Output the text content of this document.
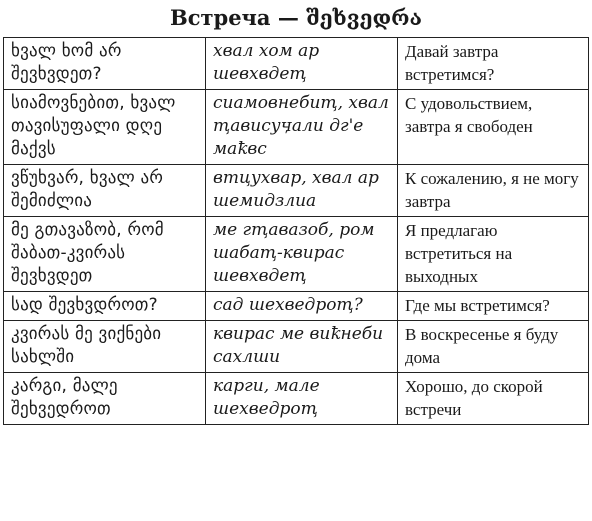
Встреча — შეხვედრა
ხვალ ხომ არ შევხვდეთ?	хвал хом ар шевхвдеҭ	Давай завтра встретимся?
სიამოვნებით, ხვალ თავისუფალი დღე მაქვს	сиамовнебиҭ, хвал ҭависуӌали дг'е маҟвс	С удовольствием, завтра я свободен
ვწუხვარ, ხვალ არ შემიძლია	втцухвар, хвал ар шемидзлиа	К сожалению, я не могу завтра
მე გთავაზობ, რომ შაბათ-კვირას შევხვდეთ	ме гҭавазоб, ром шабаҭ-квирас шевхвдеҭ	Я предлагаю встретиться на выходных
სად შევხვდროთ?	сад шехведроҭ?	Где мы встретимся?
კვირას მე ვიქნები სახლში	квирас ме виҟнеби сахлши	В воскресенье я буду дома
კარგი, მალე შეხვედროთ	карги, мале шехведроҭ	Хорошо, до скорой встречи
